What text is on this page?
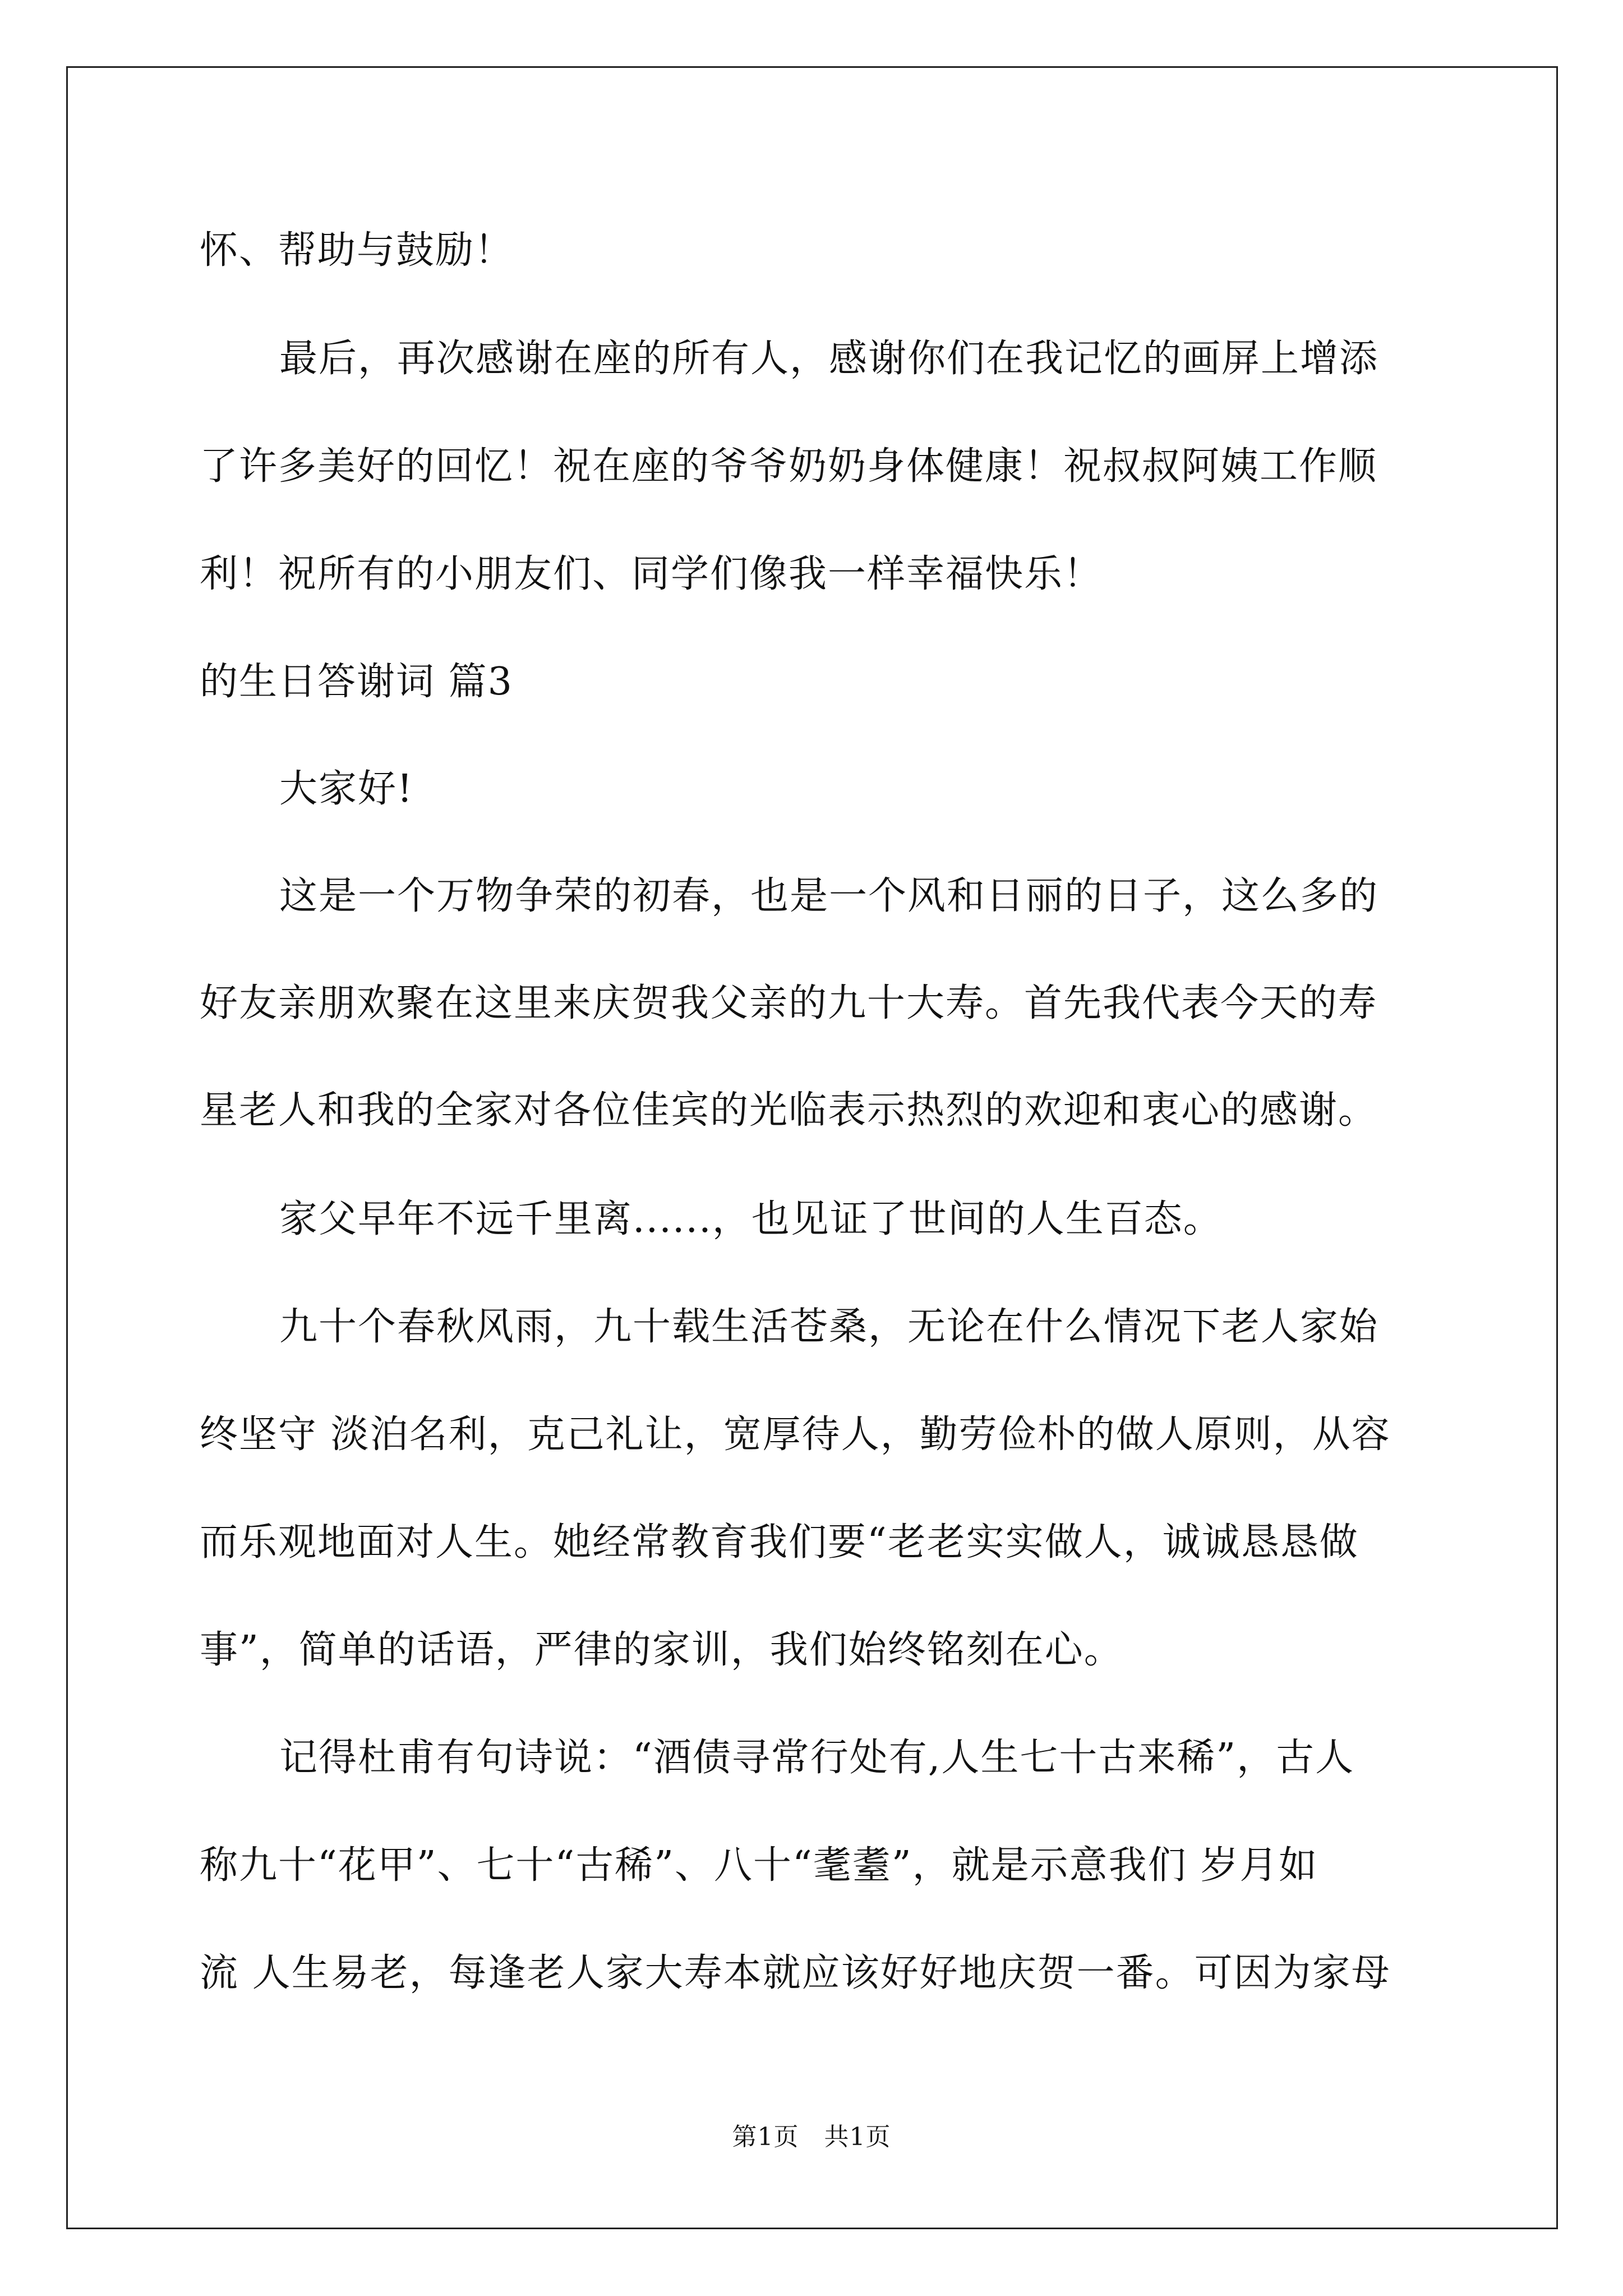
怀、帮助与鼓励！
最后，再次感谢在座的所有人，感谢你们在我记忆的画屏上增添
了许多美好的回忆！祝在座的爷爷奶奶身体健康！祝叔叔阿姨工作顺
利！祝所有的小朋友们、同学们像我一样幸福快乐！
的生日答谢词 篇3
大家好!
这是一个万物争荣的初春，也是一个风和日丽的日子，这么多的
好友亲朋欢聚在这里来庆贺我父亲的九十大寿。首先我代表今天的寿
星老人和我的全家对各位佳宾的光临表示热烈的欢迎和衷心的感谢。
家父早年不远千里离......，也见证了世间的人生百态。
九十个春秋风雨，九十载生活苍桑，无论在什么情况下老人家始
终坚守 淡泊名利，克己礼让，宽厚待人，勤劳俭朴的做人原则，从容
而乐观地面对人生。她经常教育我们要“老老实实做人，诚诚恳恳做
事”，简单的话语，严律的家训，我们始终铭刻在心。
记得杜甫有句诗说：“酒债寻常行处有,人生七十古来稀”，古人
称九十“花甲”、七十“古稀”、八十“耄耋”，就是示意我们 岁月如
流 人生易老，每逢老人家大寿本就应该好好地庆贺一番。可因为家母
第1页　共1页
